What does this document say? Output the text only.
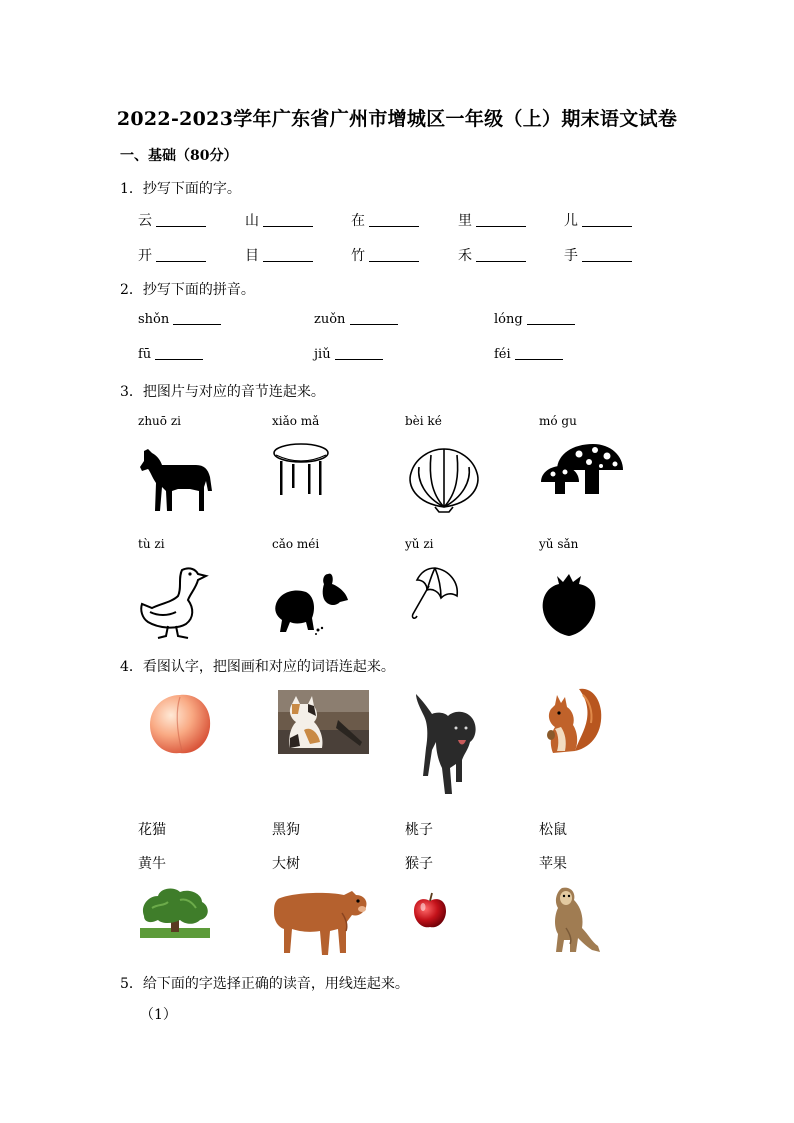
2022-2023学年广东省广州市增城区一年级（上）期末语文试卷
一、基础（80分）
1．抄写下面的字。
云	山	在	里	儿
开	目	竹	禾	手
2．抄写下面的拼音。
shǒn	zuǒn	lóng
fū	jiǔ	féi
3．把图片与对应的音节连起来。
zhuō zi	xiǎo mǎ	bèi ké	mó gu
tù zi	cǎo méi	yǔ zi	yǔ sǎn
4．看图认字，把图画和对应的词语连起来。
花猫	黑狗	桃子	松鼠
黄牛	大树	猴子	苹果
5．给下面的字选择正确的读音，用线连起来。
（1）
